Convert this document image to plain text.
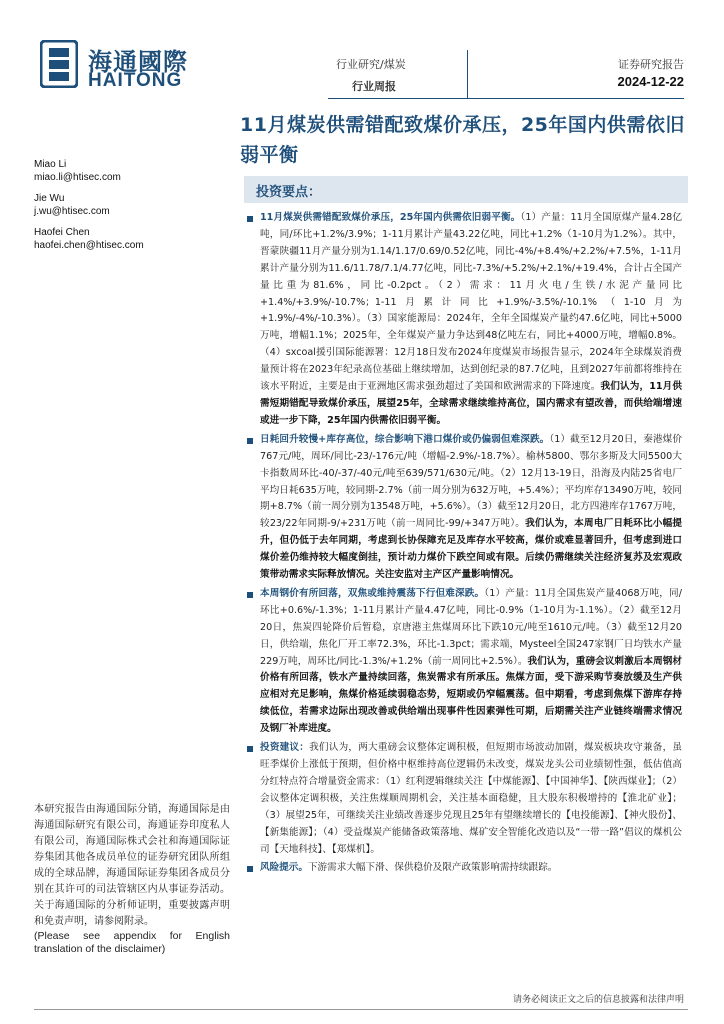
海通國際
HAITONG
行业研究/煤炭
行业周报
证券研究报告
2024-12-22
11月煤炭供需错配致煤价承压，25年国内供需依旧弱平衡
Miao Li
miao.li@htisec.com
Jie Wu
j.wu@htisec.com
Haofei Chen
haofei.chen@htisec.com
投资要点：
11月煤炭供需错配致煤价承压，25年国内供需依旧弱平衡。（1）产量：11月全国原煤产量4.28亿吨，同/环比+1.2%/3.9%；1-11月累计产量43.22亿吨，同比+1.2%（1-10月为1.2%）。其中，晋蒙陕疆11月产量分别为1.14/1.17/0.69/0.52亿吨，同比-4%/+8.4%/+2.2%/+7.5%，1-11月累计产量分别为11.6/11.78/7.1/4.77亿吨，同比-7.3%/+5.2%/+2.1%/+19.4%，合计占全国产量比重为81.6%，同比-0.2pct。（2）需求：11月火电/生铁/水泥产量同比+1.4%/+3.9%/-10.7%；1-11月累计同比+1.9%/-3.5%/-10.1%（1-10月为+1.9%/-4%/-10.3%）。（3）国家能源局：2024年，全年全国煤炭产量约47.6亿吨，同比+5000万吨，增幅1.1%；2025年，全年煤炭产量力争达到48亿吨左右，同比+4000万吨，增幅0.8%。（4）sxcoal援引国际能源署：12月18日发布2024年度煤炭市场报告显示，2024年全球煤炭消费量预计将在2023年纪录高位基础上继续增加，达到创纪录的87.7亿吨，且到2027年前都将维持在该水平附近，主要是由于亚洲地区需求强劲超过了美国和欧洲需求的下降速度。我们认为，11月供需短期错配导致煤价承压，展望25年，全球需求继续维持高位，国内需求有望改善，而供给端增速或进一步下降，25年国内供需依旧弱平衡。
日耗回升较慢+库存高位，综合影响下港口煤价或仍偏弱但难深跌。（1）截至12月20日，秦港煤价767元/吨，周环/同比-23/-176元/吨（增幅-2.9%/-18.7%）。榆林5800、鄂尔多斯及大同5500大卡指数周环比-40/-37/-40元/吨至639/571/630元/吨。（2）12月13-19日，沿海及内陆25省电厂平均日耗635万吨，较同期-2.7%（前一周分别为632万吨，+5.4%）；平均库存13490万吨，较同期+8.7%（前一周分别为13548万吨，+5.6%）。（3）截至12月20日，北方四港库存1767万吨，较23/22年同期-9/+231万吨（前一周同比-99/+347万吨）。我们认为，本周电厂日耗环比小幅提升，但仍低于去年同期，考虑到长协保障充足及库存水平较高，煤价或难显著回升，但考虑到进口煤价差仍维持较大幅度倒挂，预计动力煤价下跌空间或有限。后续仍需继续关注经济复苏及宏观政策带动需求实际释放情况。关注安监对主产区产量影响情况。
本周钢价有所回落，双焦或维持震荡下行但难深跌。（1）产量：11月全国焦炭产量4068万吨，同/环比+0.6%/-1.3%；1-11月累计产量4.47亿吨，同比-0.9%（1-10月为-1.1%）。（2）截至12月20日，焦炭四轮降价后暂稳，京唐港主焦煤周环比下跌10元/吨至1610元/吨。（3）截至12月20日，供给端，焦化厂开工率72.3%，环比-1.3pct；需求端，Mysteel全国247家钢厂日均铁水产量229万吨，周环比/同比-1.3%/+1.2%（前一周同比+2.5%）。我们认为，重磅会议刺激后本周钢材价格有所回落，铁水产量持续回落，焦炭需求有所承压。焦煤方面，受下游采购节奏放缓及生产供应相对充足影响，焦煤价格延续弱稳态势，短期或仍窄幅震荡。但中期看，考虑到焦煤下游库存持续低位，若需求边际出现改善或供给端出现事件性因素弹性可期，后期需关注产业链终端需求情况及钢厂补库进度。
投资建议：我们认为，两大重磅会议整体定调积极，但短期市场波动加剧，煤炭板块攻守兼备，虽旺季煤价上涨低于预期，但价格中枢维持高位逻辑仍未改变，煤炭龙头公司业绩韧性强，低估值高分红特点符合增量资金需求：（1）红利逻辑继续关注【中煤能源】、【中国神华】、【陕西煤业】；（2）会议整体定调积极，关注焦煤顺周期机会，关注基本面稳健，且大股东积极增持的【淮北矿业】；（3）展望25年，可继续关注业绩改善逐步兑现且25年有望继续增长的【电投能源】、【神火股份】、【新集能源】；（4）受益煤炭产能储备政策落地、煤矿安全智能化改造以及“一带一路”倡议的煤机公司【天地科技】、【郑煤机】。
风险提示。下游需求大幅下滑、保供稳价及限产政策影响需持续跟踪。
本研究报告由海通国际分销，海通国际是由海通国际研究有限公司，海通证券印度私人有限公司，海通国际株式会社和海通国际证券集团其他各成员单位的证券研究团队所组成的全球品牌，海通国际证券集团各成员分别在其许可的司法管辖区内从事证券活动。关于海通国际的分析师证明，重要披露声明和免责声明，请参阅附录。
(Please see appendix for English translation of the disclaimer)
请务必阅读正文之后的信息披露和法律声明
